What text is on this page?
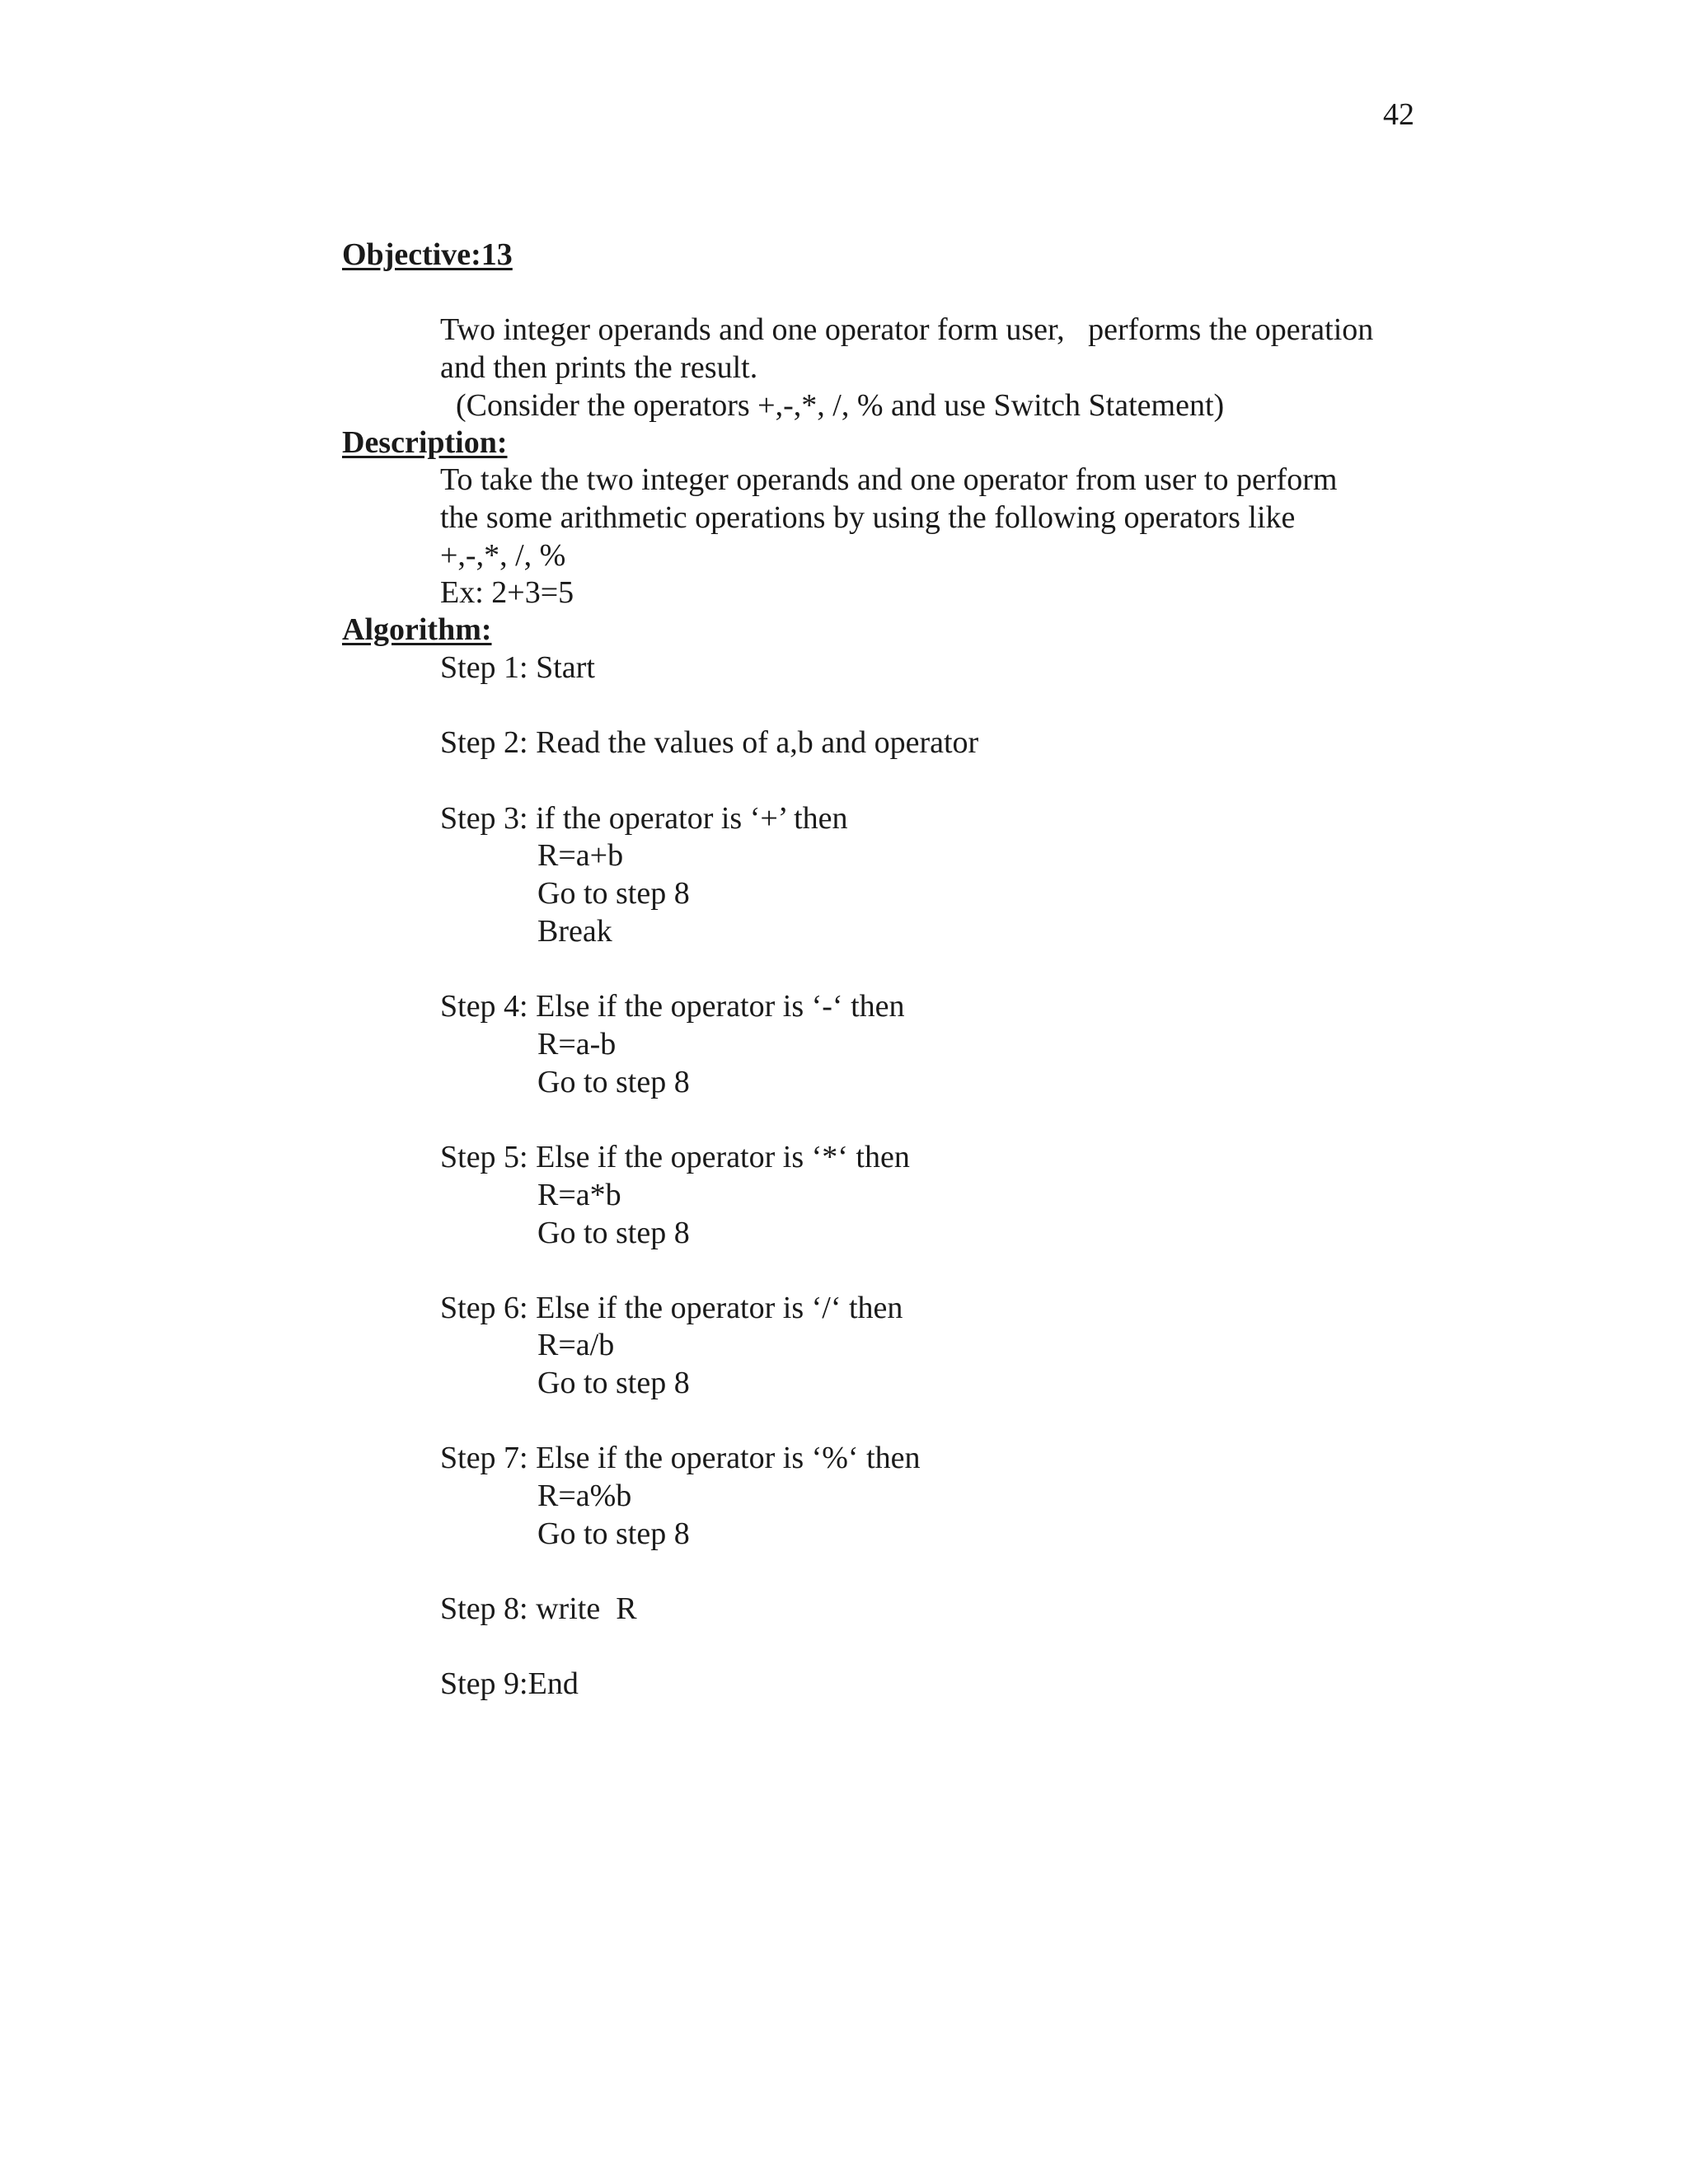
42
Objective:13

Two integer operands and one operator form user,   performs the operation

and then prints the result.

(Consider the operators +,-,*, /, % and use Switch Statement)

Description:

To take the two integer operands and one operator from user to perform

the some arithmetic operations by using the following operators like

+,-,*, /, %

Ex: 2+3=5

Algorithm:

Step 1: Start

Step 2: Read the values of a,b and operator

Step 3: if the operator is ‘+’ then

R=a+b

Go to step 8

Break

Step 4: Else if the operator is ‘-‘ then

R=a-b

Go to step 8

Step 5: Else if the operator is ‘*‘ then

R=a*b

Go to step 8

Step 6: Else if the operator is ‘/‘ then

R=a/b

Go to step 8

Step 7: Else if the operator is ‘%‘ then

R=a%b

Go to step 8

Step 8: write  R

Step 9:End
